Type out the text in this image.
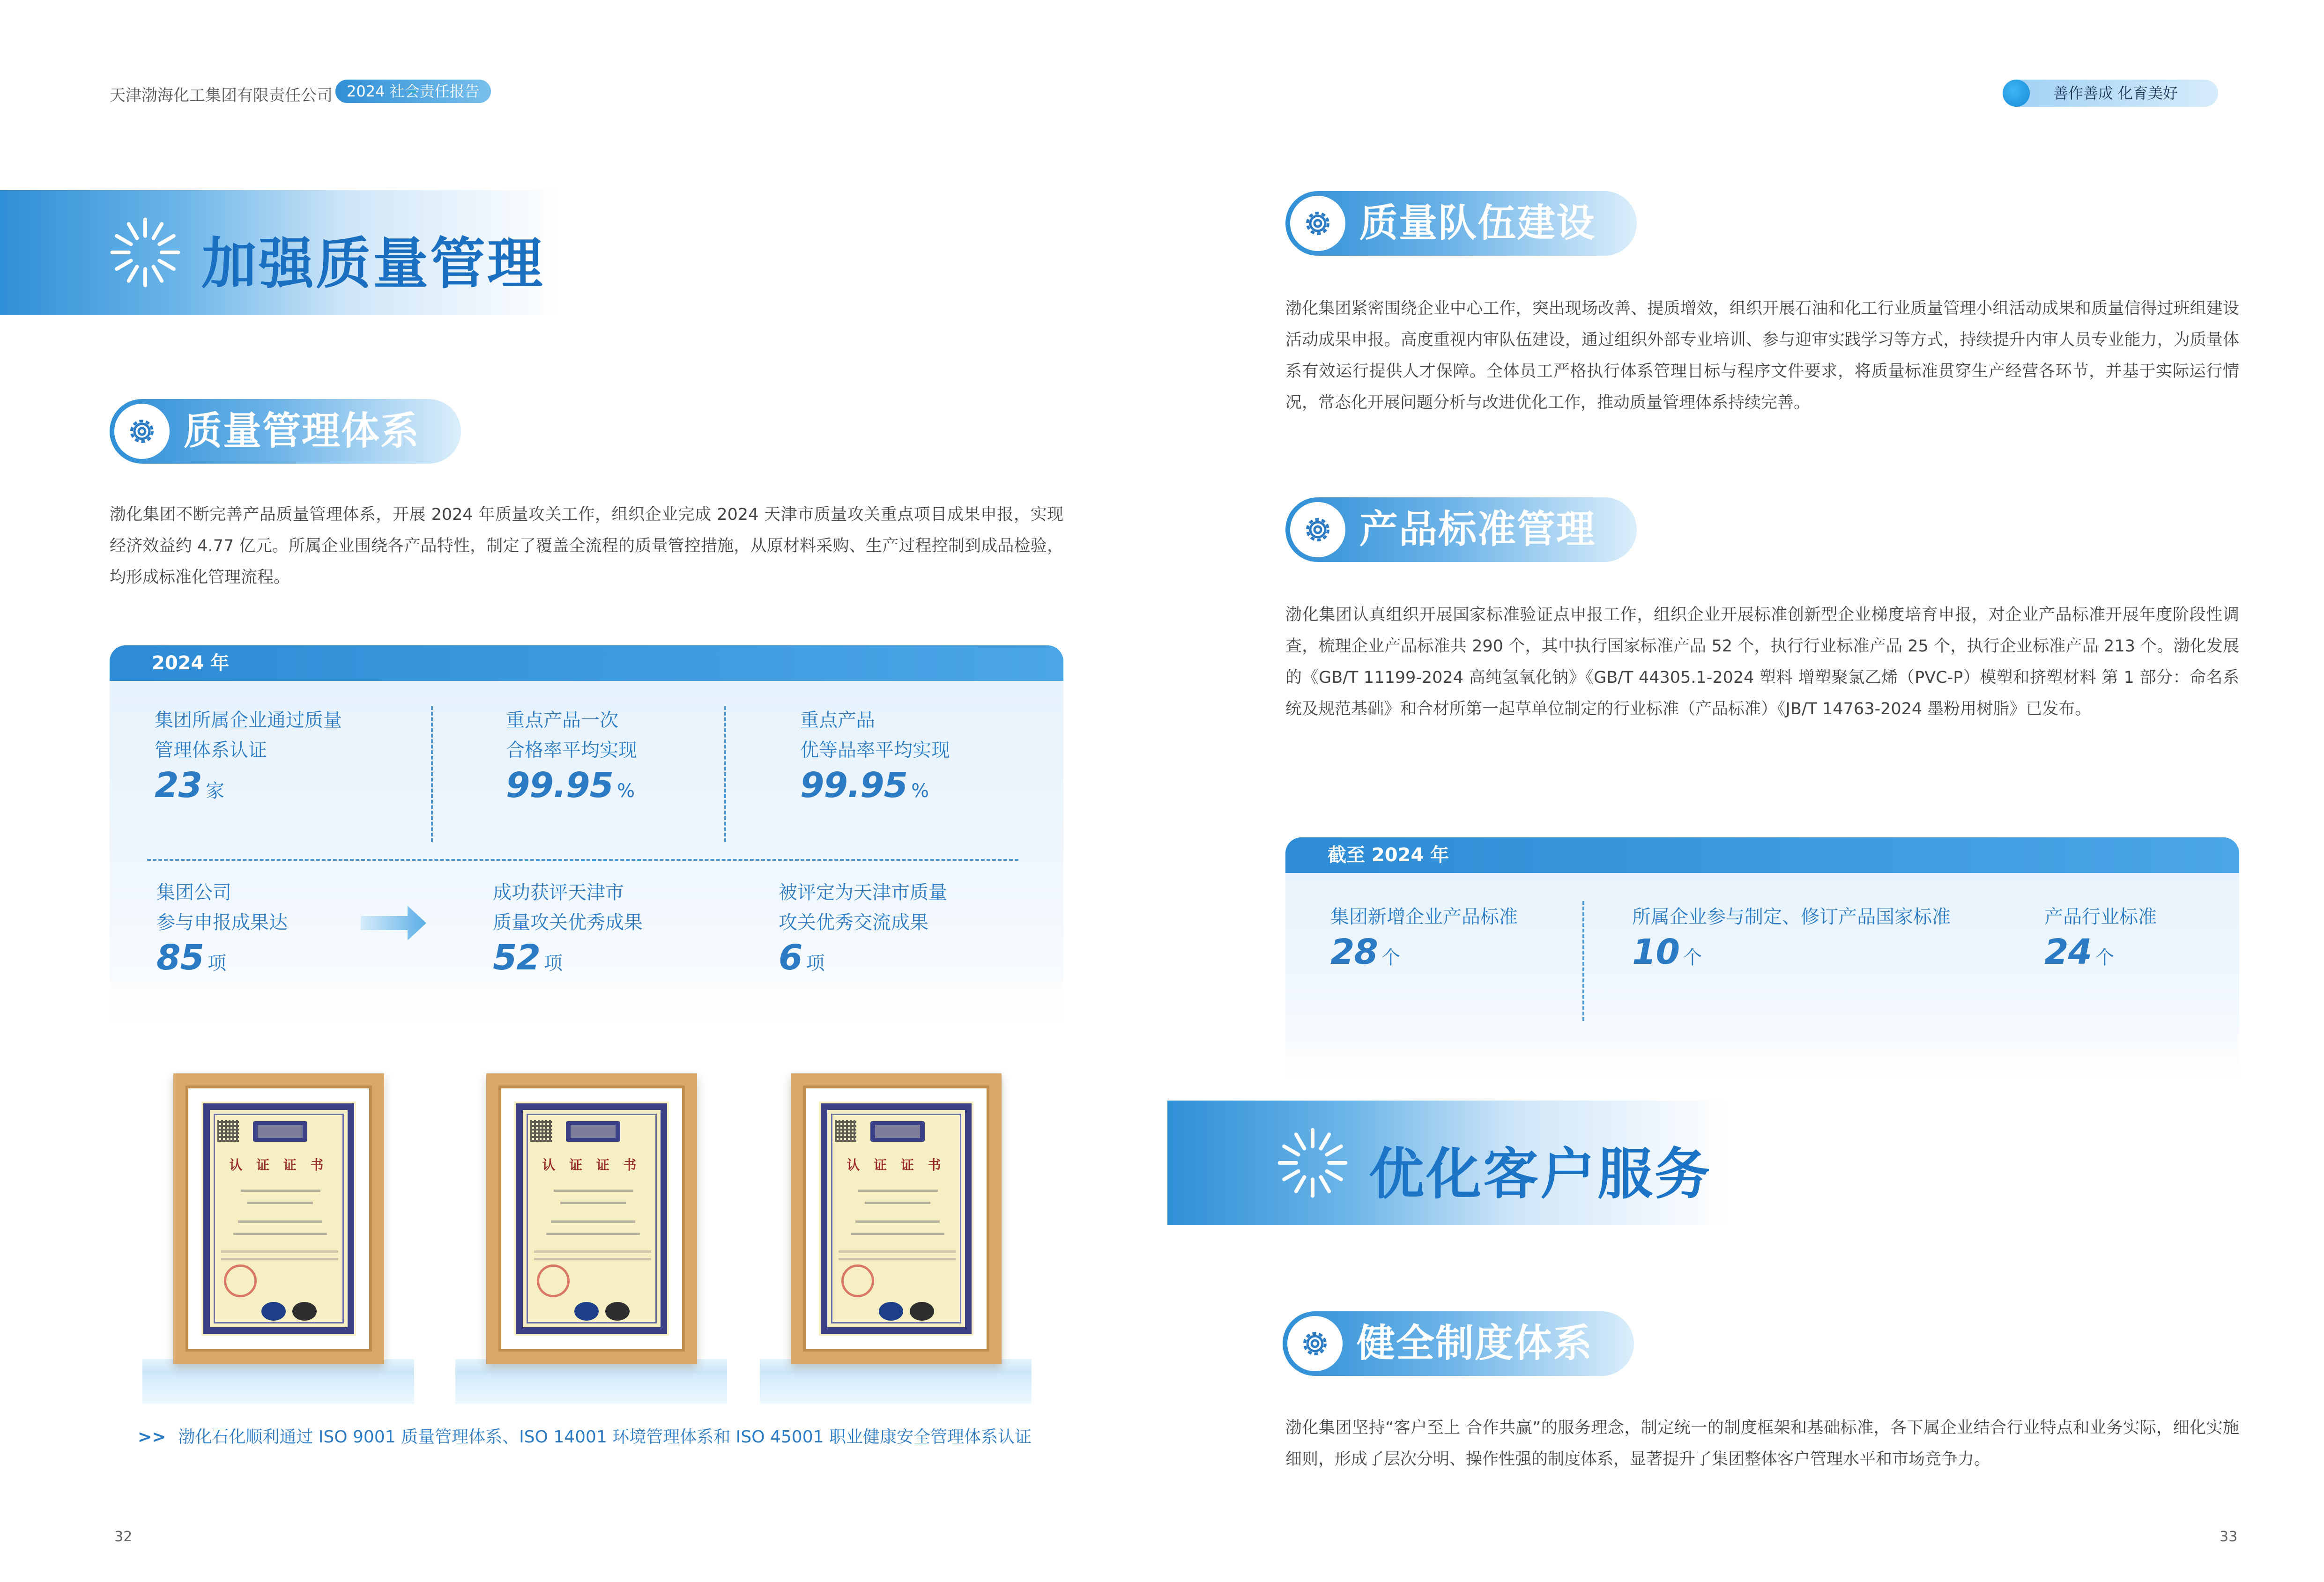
天津渤海化工集团有限责任公司 2024 社会责任报告	善作善成 化育美好
加强质量管理
质量管理体系
渤化集团不断完善产品质量管理体系，开展 2024 年质量攻关工作，组织企业完成 2024 天津市质量攻关重点项目成果申报，实现经济效益约 4.77 亿元。所属企业围绕各产品特性，制定了覆盖全流程的质量管控措施，从原材料采购、生产过程控制到成品检验，均形成标准化管理流程。
2024 年
集团所属企业通过质量
管理体系认证
23 家
重点产品一次
合格率平均实现
99.95 %
重点产品
优等品率平均实现
99.95 %
集团公司
参与申报成果达
85 项
成功获评天津市
质量攻关优秀成果
52 项
被评定为天津市质量
攻关优秀交流成果
6 项
认 证 证 书	认 证 证 书	认 证 证 书
>> 渤化石化顺利通过 ISO 9001 质量管理体系、ISO 14001 环境管理体系和 ISO 45001 职业健康安全管理体系认证
32
质量队伍建设
渤化集团紧密围绕企业中心工作，突出现场改善、提质增效，组织开展石油和化工行业质量管理小组活动成果和质量信得过班组建设活动成果申报。高度重视内审队伍建设，通过组织外部专业培训、参与迎审实践学习等方式，持续提升内审人员专业能力，为质量体系有效运行提供人才保障。全体员工严格执行体系管理目标与程序文件要求，将质量标准贯穿生产经营各环节，并基于实际运行情况，常态化开展问题分析与改进优化工作，推动质量管理体系持续完善。
产品标准管理
渤化集团认真组织开展国家标准验证点申报工作，组织企业开展标准创新型企业梯度培育申报，对企业产品标准开展年度阶段性调查，梳理企业产品标准共 290 个，其中执行国家标准产品 52 个，执行行业标准产品 25 个，执行企业标准产品 213 个。渤化发展的《GB/T 11199-2024 高纯氢氧化钠》《GB/T 44305.1-2024 塑料 增塑聚氯乙烯（PVC-P）模塑和挤塑材料 第 1 部分：命名系统及规范基础》和合材所第一起草单位制定的行业标准（产品标准）《JB/T 14763-2024 墨粉用树脂》已发布。
截至 2024 年
集团新增企业产品标准
28 个
所属企业参与制定、修订产品国家标准
10 个
产品行业标准
24 个
优化客户服务
健全制度体系
渤化集团坚持“客户至上 合作共赢”的服务理念，制定统一的制度框架和基础标准，各下属企业结合行业特点和业务实际，细化实施细则，形成了层次分明、操作性强的制度体系，显著提升了集团整体客户管理水平和市场竞争力。
33
